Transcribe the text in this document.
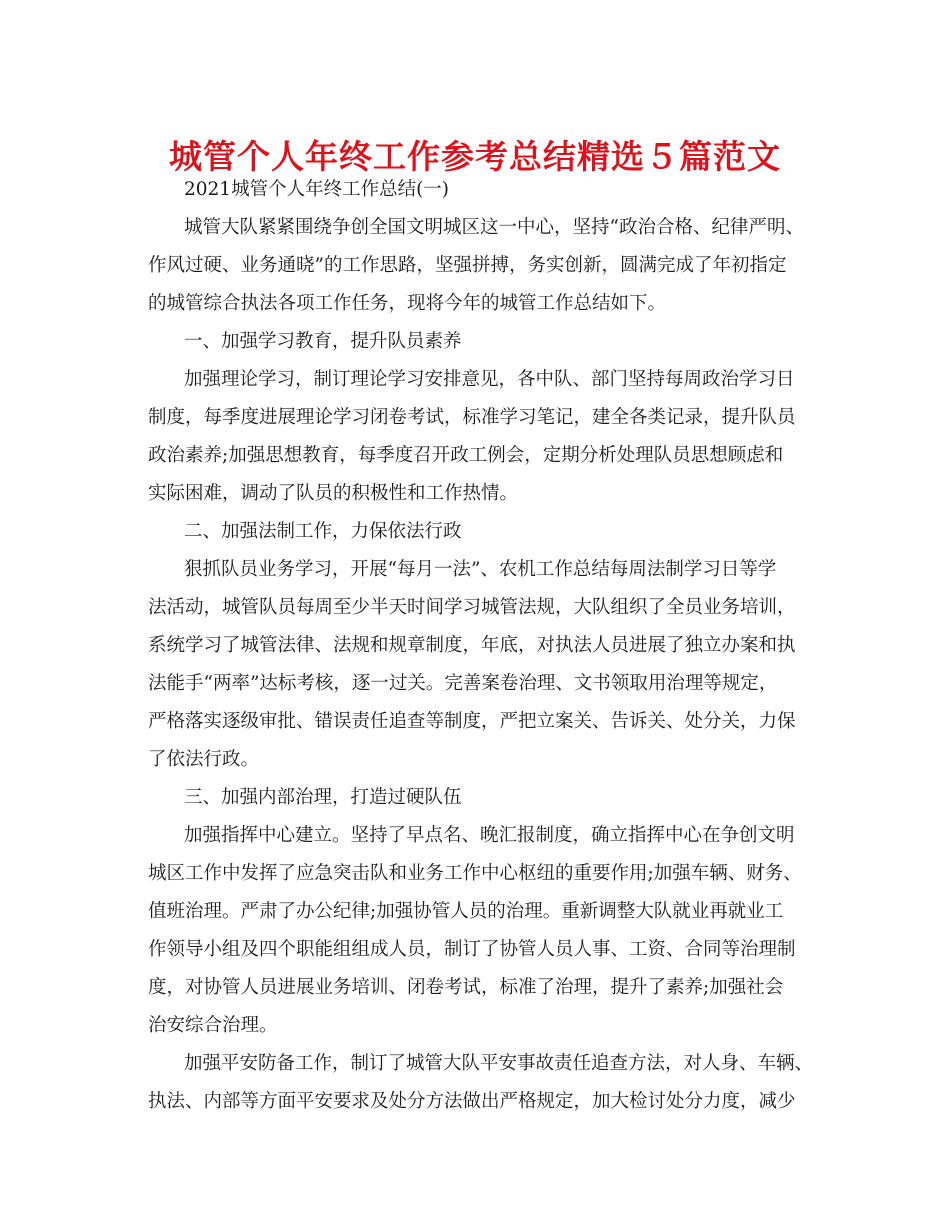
城管个人年终工作参考总结精选５篇范文
2021城管个人年终工作总结(一)
城管大队紧紧围绕争创全国文明城区这一中心，坚持“政治合格、纪律严明、
作风过硬、业务通晓”的工作思路，坚强拼搏，务实创新，圆满完成了年初指定
的城管综合执法各项工作任务，现将今年的城管工作总结如下。
一、加强学习教育，提升队员素养
加强理论学习，制订理论学习安排意见，各中队、部门坚持每周政治学习日
制度，每季度进展理论学习闭卷考试，标准学习笔记，建全各类记录，提升队员
政治素养;加强思想教育，每季度召开政工例会，定期分析处理队员思想顾虑和
实际困难，调动了队员的积极性和工作热情。
二、加强法制工作，力保依法行政
狠抓队员业务学习，开展“每月一法”、农机工作总结每周法制学习日等学
法活动，城管队员每周至少半天时间学习城管法规，大队组织了全员业务培训，
系统学习了城管法律、法规和规章制度，年底，对执法人员进展了独立办案和执
法能手“两率”达标考核，逐一过关。完善案卷治理、文书领取用治理等规定，
严格落实逐级审批、错误责任追查等制度，严把立案关、告诉关、处分关，力保
了依法行政。
三、加强内部治理，打造过硬队伍
加强指挥中心建立。坚持了早点名、晚汇报制度，确立指挥中心在争创文明
城区工作中发挥了应急突击队和业务工作中心枢纽的重要作用;加强车辆、财务、
值班治理。严肃了办公纪律;加强协管人员的治理。重新调整大队就业再就业工
作领导小组及四个职能组组成人员，制订了协管人员人事、工资、合同等治理制
度，对协管人员进展业务培训、闭卷考试，标准了治理，提升了素养;加强社会
治安综合治理。
加强平安防备工作，制订了城管大队平安事故责任追查方法，对人身、车辆、
执法、内部等方面平安要求及处分方法做出严格规定，加大检讨处分力度，减少
